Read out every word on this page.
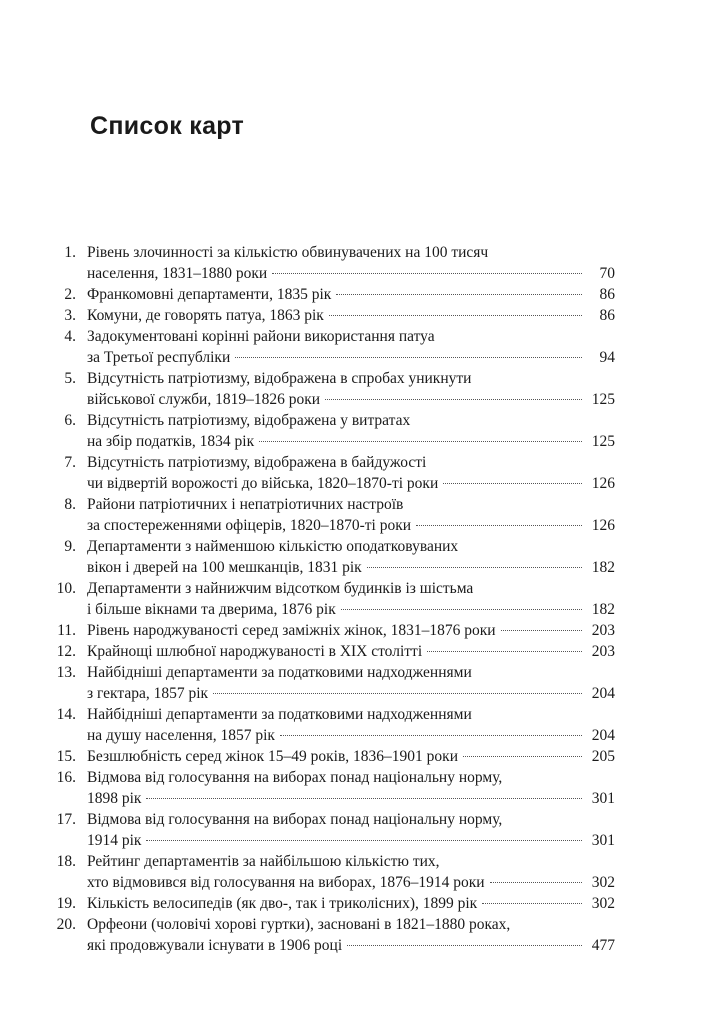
Список карт
1. Рівень злочинності за кількістю обвинувачених на 100 тисяч
населення, 1831–1880 роки	70
2. Франкомовні департаменти, 1835 рік	86
3. Комуни, де говорять патуа, 1863 рік	86
4. Задокументовані корінні райони використання патуа
за Третьої республіки	94
5. Відсутність патріотизму, відображена в спробах уникнути
військової служби, 1819–1826 роки	125
6. Відсутність патріотизму, відображена у витратах
на збір податків, 1834 рік	125
7. Відсутність патріотизму, відображена в байдужості
чи відвертій ворожості до війська, 1820–1870-ті роки	126
8. Райони патріотичних і непатріотичних настроїв
за спостереженнями офіцерів, 1820–1870-ті роки	126
9. Департаменти з найменшою кількістю оподатковуваних
вікон і дверей на 100 мешканців, 1831 рік	182
10. Департаменти з найнижчим відсотком будинків із шістьма
і більше вікнами та дверима, 1876 рік	182
11. Рівень народжуваності серед заміжніх жінок, 1831–1876 роки	203
12. Крайнощі шлюбної народжуваності в XIX столітті	203
13. Найбідніші департаменти за податковими надходженнями
з гектара, 1857 рік	204
14. Найбідніші департаменти за податковими надходженнями
на душу населення, 1857 рік	204
15. Безшлюбність серед жінок 15–49 років, 1836–1901 роки	205
16. Відмова від голосування на виборах понад національну норму,
1898 рік	301
17. Відмова від голосування на виборах понад національну норму,
1914 рік	301
18. Рейтинг департаментів за найбільшою кількістю тих,
хто відмовився від голосування на виборах, 1876–1914 роки	302
19. Кількість велосипедів (як дво-, так і триколісних), 1899 рік	302
20. Орфеони (чоловічі хорові гуртки), засновані в 1821–1880 роках,
які продовжували існувати в 1906 році	477
